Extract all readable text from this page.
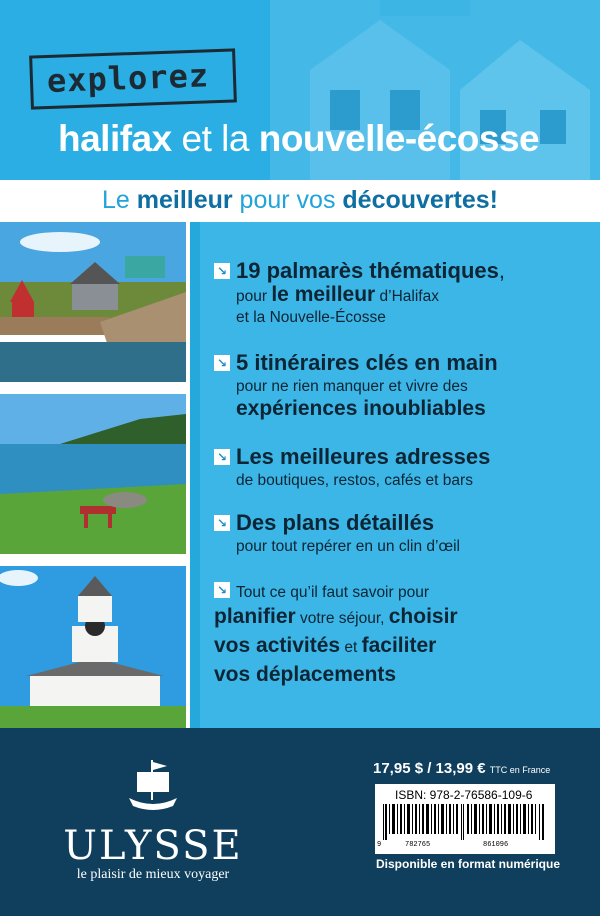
explorez
halifax et la nouvelle-écosse
Le meilleur pour vos découvertes!
↘ 19 palmarès thématiques,
pour le meilleur d’Halifax
et la Nouvelle-Écosse
↘ 5 itinéraires clés en main
pour ne rien manquer et vivre des
expériences inoubliables
↘ Les meilleures adresses
de boutiques, restos, cafés et bars
↘ Des plans détaillés
pour tout repérer en un clin d’œil
↘ Tout ce qu’il faut savoir pour
planifier votre séjour, choisir
vos activités et faciliter
vos déplacements
ULYSSE
le plaisir de mieux voyager
17,95 $ / 13,99 € TTC en France
ISBN: 978-2-76586-109-6
9	782765	861096
Disponible en format numérique
